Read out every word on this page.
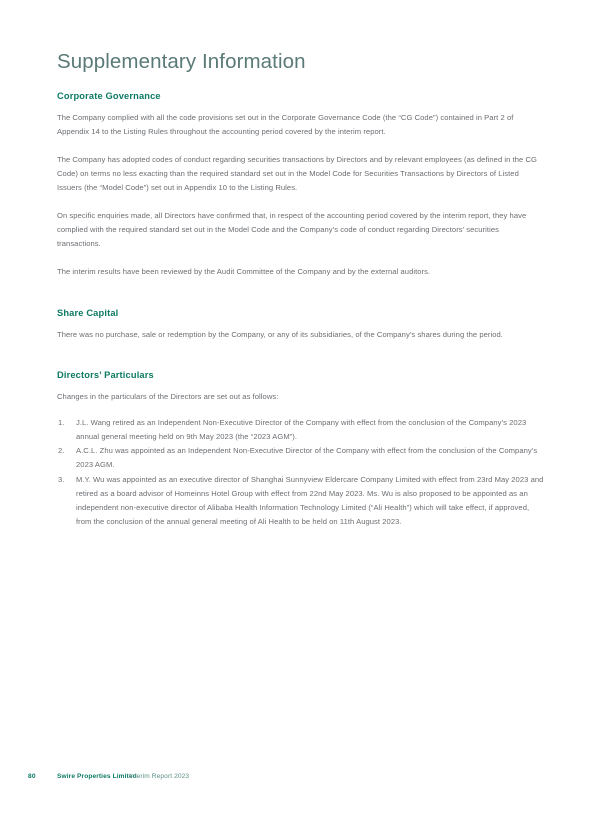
Supplementary Information
Corporate Governance

The Company complied with all the code provisions set out in the Corporate Governance Code (the “CG Code”) contained in Part 2 of Appendix 14 to the Listing Rules throughout the accounting period covered by the interim report.

The Company has adopted codes of conduct regarding securities transactions by Directors and by relevant employees (as defined in the CG Code) on terms no less exacting than the required standard set out in the Model Code for Securities Transactions by Directors of Listed Issuers (the “Model Code”) set out in Appendix 10 to the Listing Rules.

On specific enquiries made, all Directors have confirmed that, in respect of the accounting period covered by the interim report, they have complied with the required standard set out in the Model Code and the Company’s code of conduct regarding Directors’ securities transactions.

The interim results have been reviewed by the Audit Committee of the Company and by the external auditors.

Share Capital

There was no purchase, sale or redemption by the Company, or any of its subsidiaries, of the Company’s shares during the period.

Directors’ Particulars

Changes in the particulars of the Directors are set out as follows:

J.L. Wang retired as an Independent Non-Executive Director of the Company with effect from the conclusion of the Company’s 2023 annual general meeting held on 9th May 2023 (the “2023 AGM”).
A.C.L. Zhu was appointed as an Independent Non-Executive Director of the Company with effect from the conclusion of the Company’s 2023 AGM.
M.Y. Wu was appointed as an executive director of Shanghai Sunnyview Eldercare Company Limited with effect from 23rd May 2023 and retired as a board advisor of Homeinns Hotel Group with effect from 22nd May 2023. Ms. Wu is also proposed to be appointed as an independent non-executive director of Alibaba Health Information Technology Limited (“Ali Health”) which will take effect, if approved, from the conclusion of the annual general meeting of Ali Health to be held on 11th August 2023.
80	Swire Properties Limited
Interim Report 2023
